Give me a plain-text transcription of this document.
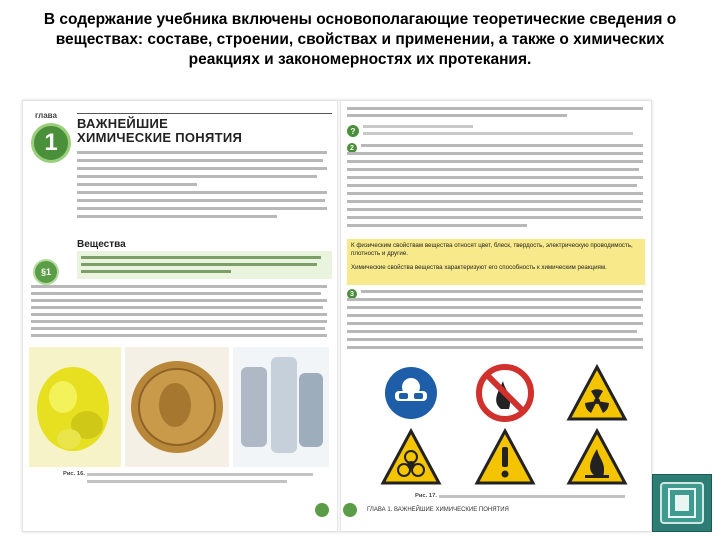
В содержание учебника включены основополагающие теоретические сведения о веществах: составе, строении, свойствах и применении, а также о химических реакциях и закономерностях их протекания.
глава
1
ВАЖНЕЙШИЕ
ХИМИЧЕСКИЕ ПОНЯТИЯ
Вещества
§1
Рис. 16.
?
2
К физическим свойствам вещества относят цвет, блеск, твердость, электрическую проводимость, плотность и другие.
Химические свойства вещества характеризуют его способность к химическим реакциям.
3
Рис. 17.
ГЛАВА 1. ВАЖНЕЙШИЕ ХИМИЧЕСКИЕ ПОНЯТИЯ
